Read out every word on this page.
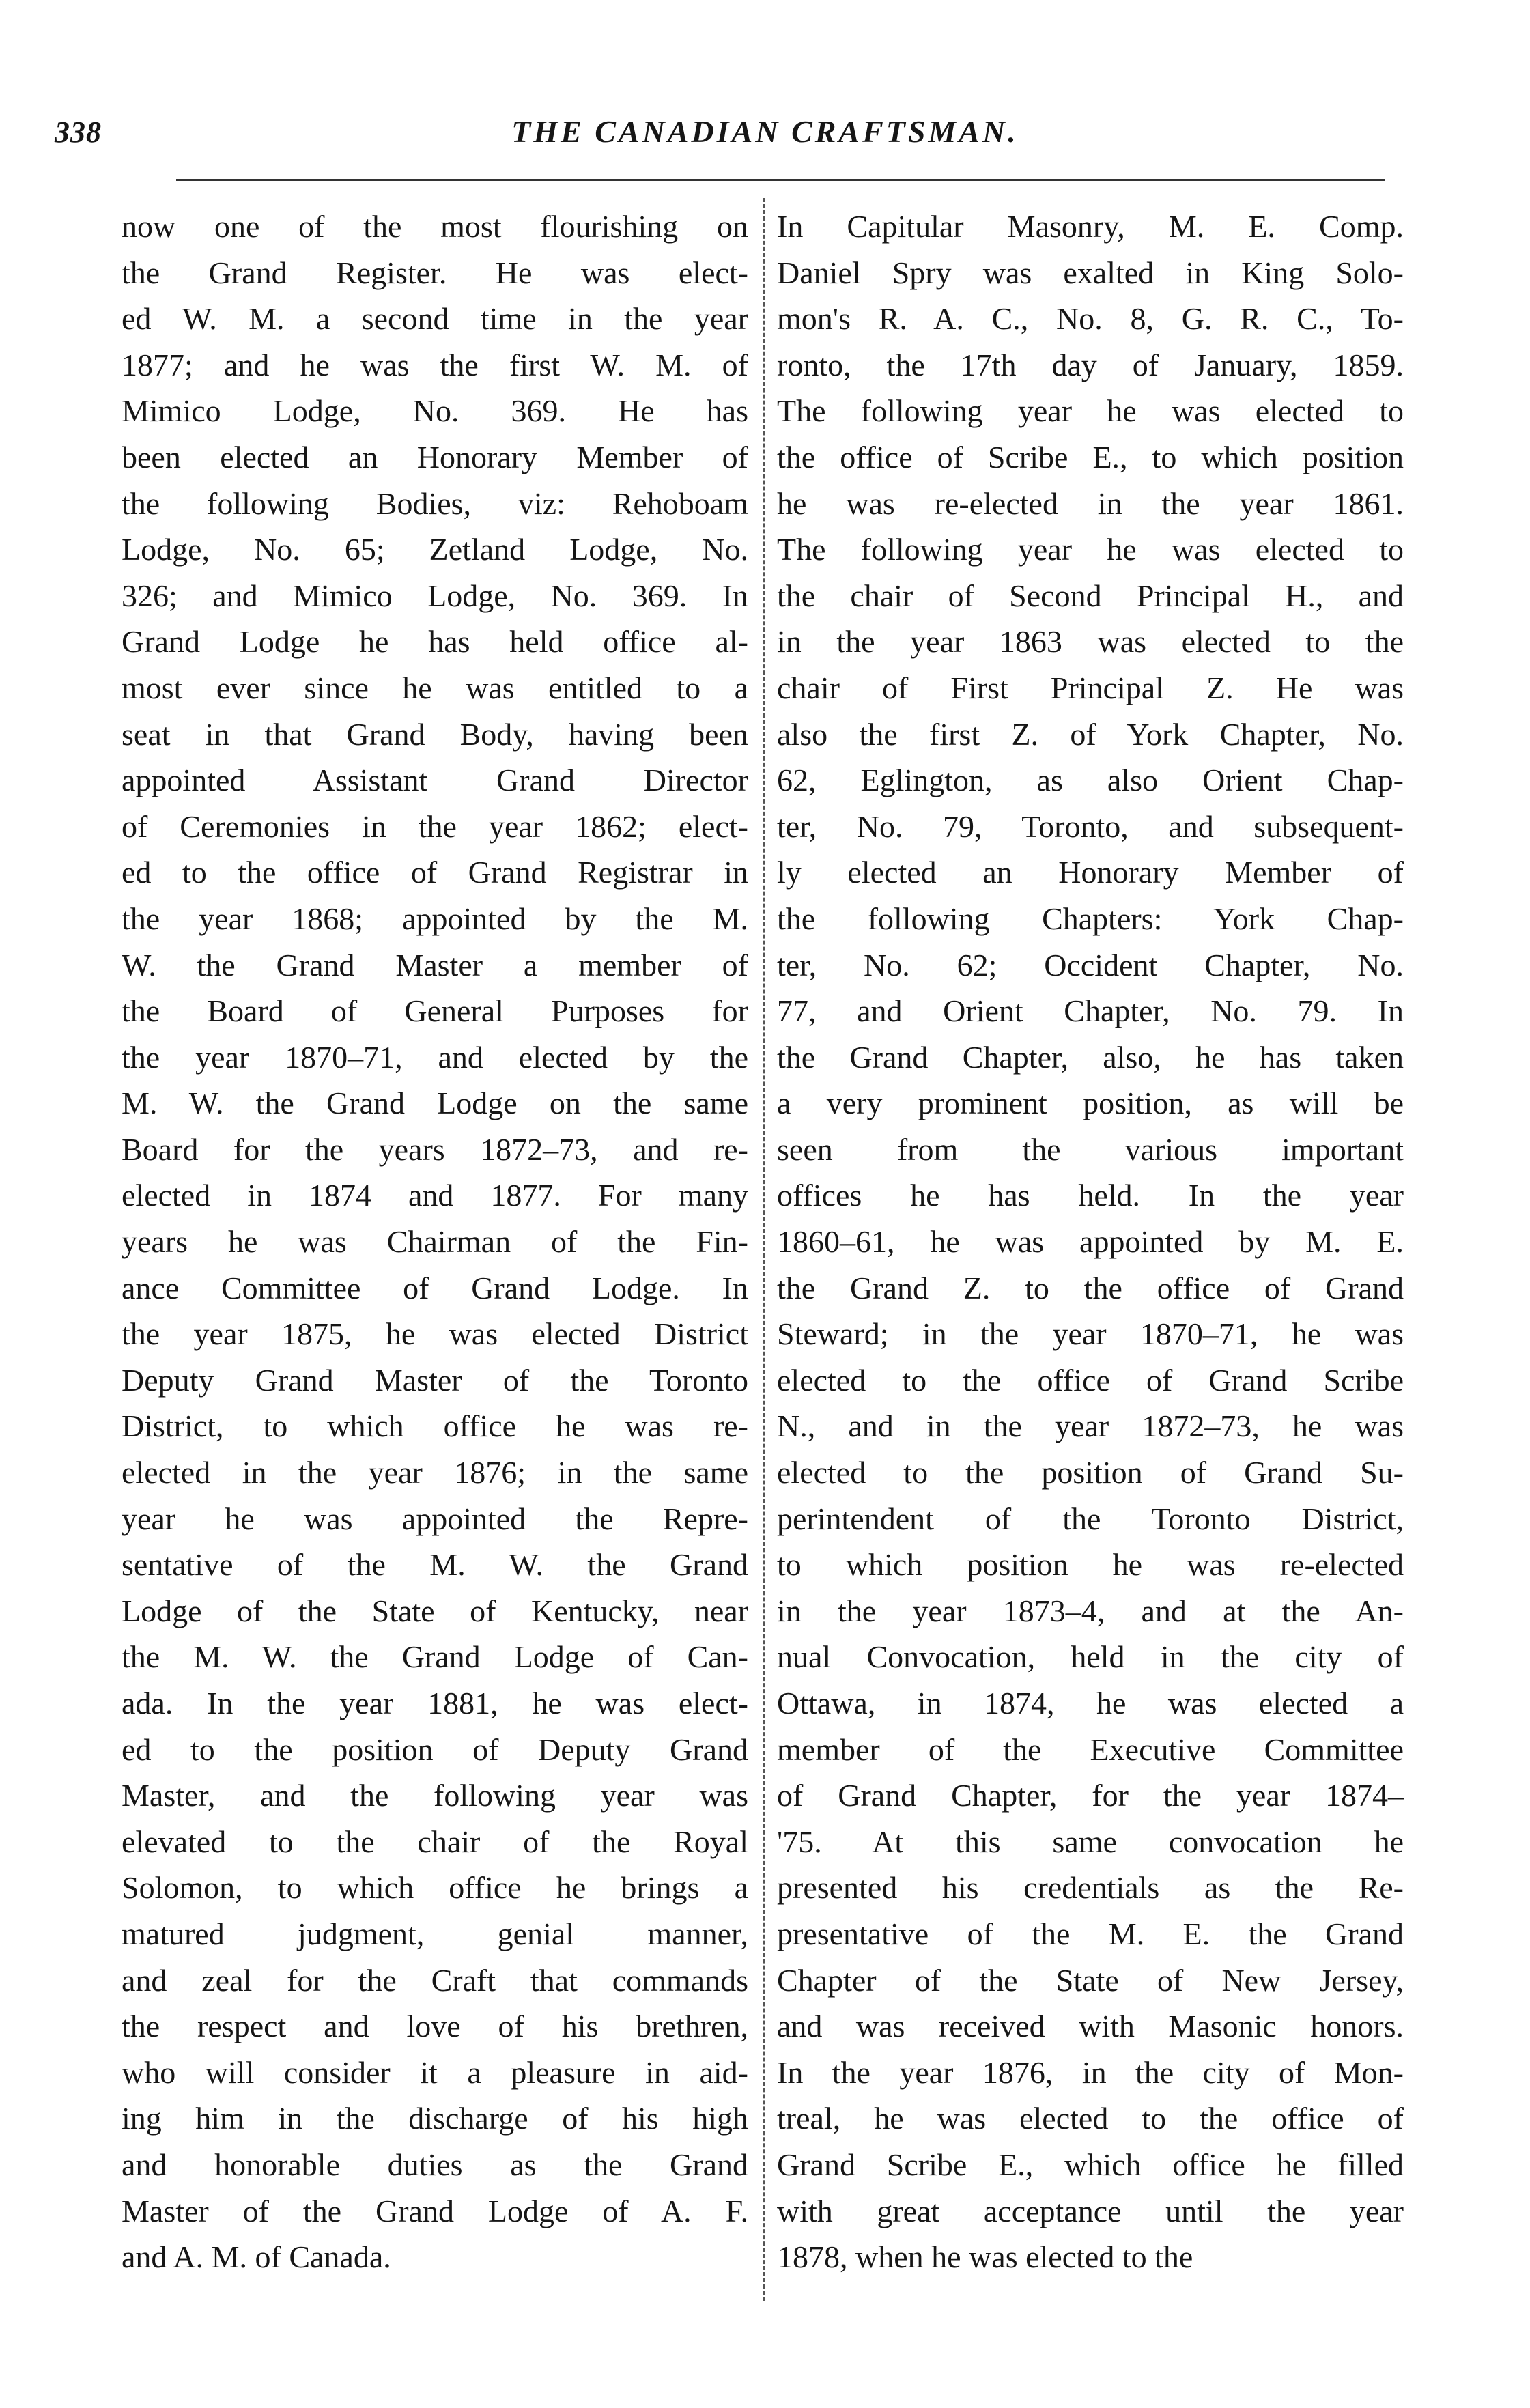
338	THE CANADIAN CRAFTSMAN.
now one of the most flourishing on
the Grand Register. He was elect-
ed W. M. a second time in the year
1877; and he was the first W. M. of
Mimico Lodge, No. 369. He has
been elected an Honorary Member of
the following Bodies, viz: Rehoboam
Lodge, No. 65; Zetland Lodge, No.
326; and Mimico Lodge, No. 369. In
Grand Lodge he has held office al-
most ever since he was entitled to a
seat in that Grand Body, having been
appointed Assistant Grand Director
of Ceremonies in the year 1862; elect-
ed to the office of Grand Registrar in
the year 1868; appointed by the M.
W. the Grand Master a member of
the Board of General Purposes for
the year 1870–71, and elected by the
M. W. the Grand Lodge on the same
Board for the years 1872–73, and re-
elected in 1874 and 1877. For many
years he was Chairman of the Fin-
ance Committee of Grand Lodge. In
the year 1875, he was elected District
Deputy Grand Master of the Toronto
District, to which office he was re-
elected in the year 1876; in the same
year he was appointed the Repre-
sentative of the M. W. the Grand
Lodge of the State of Kentucky, near
the M. W. the Grand Lodge of Can-
ada. In the year 1881, he was elect-
ed to the position of Deputy Grand
Master, and the following year was
elevated to the chair of the Royal
Solomon, to which office he brings a
matured judgment, genial manner,
and zeal for the Craft that commands
the respect and love of his brethren,
who will consider it a pleasure in aid-
ing him in the discharge of his high
and honorable duties as the Grand
Master of the Grand Lodge of A. F.
and A. M. of Canada.
In Capitular Masonry, M. E. Comp.
Daniel Spry was exalted in King Solo-
mon's R. A. C., No. 8, G. R. C., To-
ronto, the 17th day of January, 1859.
The following year he was elected to
the office of Scribe E., to which position
he was re-elected in the year 1861.
The following year he was elected to
the chair of Second Principal H., and
in the year 1863 was elected to the
chair of First Principal Z. He was
also the first Z. of York Chapter, No.
62, Eglington, as also Orient Chap-
ter, No. 79, Toronto, and subsequent-
ly elected an Honorary Member of
the following Chapters: York Chap-
ter, No. 62; Occident Chapter, No.
77, and Orient Chapter, No. 79. In
the Grand Chapter, also, he has taken
a very prominent position, as will be
seen from the various important
offices he has held. In the year
1860–61, he was appointed by M. E.
the Grand Z. to the office of Grand
Steward; in the year 1870–71, he was
elected to the office of Grand Scribe
N., and in the year 1872–73, he was
elected to the position of Grand Su-
perintendent of the Toronto District,
to which position he was re-elected
in the year 1873–4, and at the An-
nual Convocation, held in the city of
Ottawa, in 1874, he was elected a
member of the Executive Committee
of Grand Chapter, for the year 1874–
'75. At this same convocation he
presented his credentials as the Re-
presentative of the M. E. the Grand
Chapter of the State of New Jersey,
and was received with Masonic honors.
In the year 1876, in the city of Mon-
treal, he was elected to the office of
Grand Scribe E., which office he filled
with great acceptance until the year
1878, when he was elected to the
